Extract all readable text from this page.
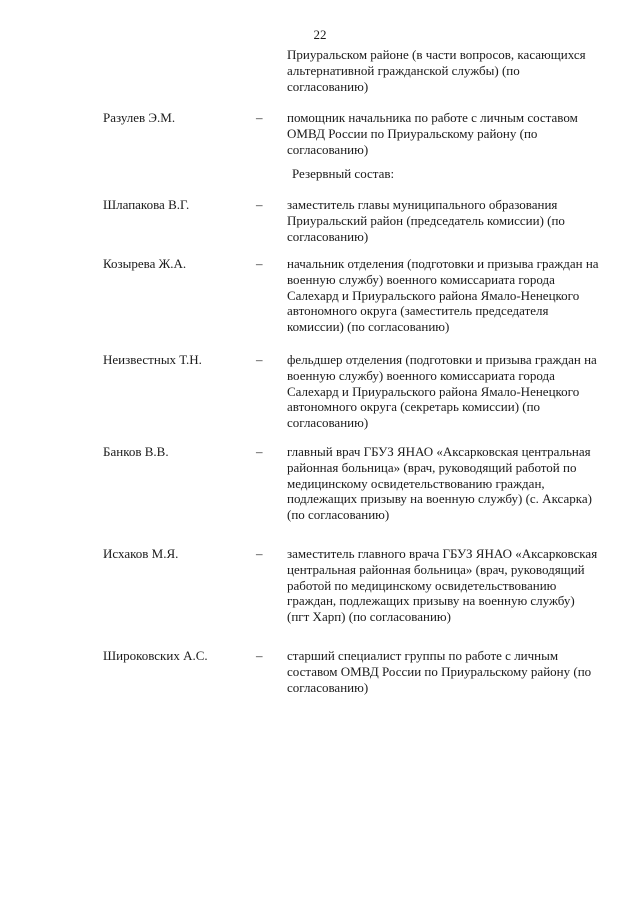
22
Приуральском районе (в части вопросов, касающихся альтернативной гражданской службы) (по согласованию)
Разулев Э.М.	– помощник начальника по работе с личным составом ОМВД России по Приуральскому району (по согласованию)
Резервный состав:
Шлапакова В.Г.	– заместитель главы муниципального образования Приуральский район (председатель комиссии) (по согласованию)
Козырева Ж.А.	– начальник отделения (подготовки и призыва граждан на военную службу) военного комиссариата города Салехард и Приуральского района Ямало-Ненецкого автономного округа (заместитель председателя комиссии) (по согласованию)
Неизвестных Т.Н.	– фельдшер отделения (подготовки и призыва граждан на военную службу) военного комиссариата города Салехард и Приуральского района Ямало-Ненецкого автономного округа (секретарь комиссии) (по согласованию)
Банков В.В.	– главный врач ГБУЗ ЯНАО «Аксарковская центральная районная больница» (врач, руководящий работой по медицинскому освидетельствованию граждан, подлежащих призыву на военную службу) (с. Аксарка) (по согласованию)
Исхаков М.Я.	– заместитель главного врача ГБУЗ ЯНАО «Аксарковская центральная районная больница» (врач, руководящий работой по медицинскому освидетельствованию граждан, подлежащих призыву на военную службу) (пгт Харп) (по согласованию)
Широковских А.С.	– старший специалист группы по работе с личным составом ОМВД России по Приуральскому району (по согласованию)
